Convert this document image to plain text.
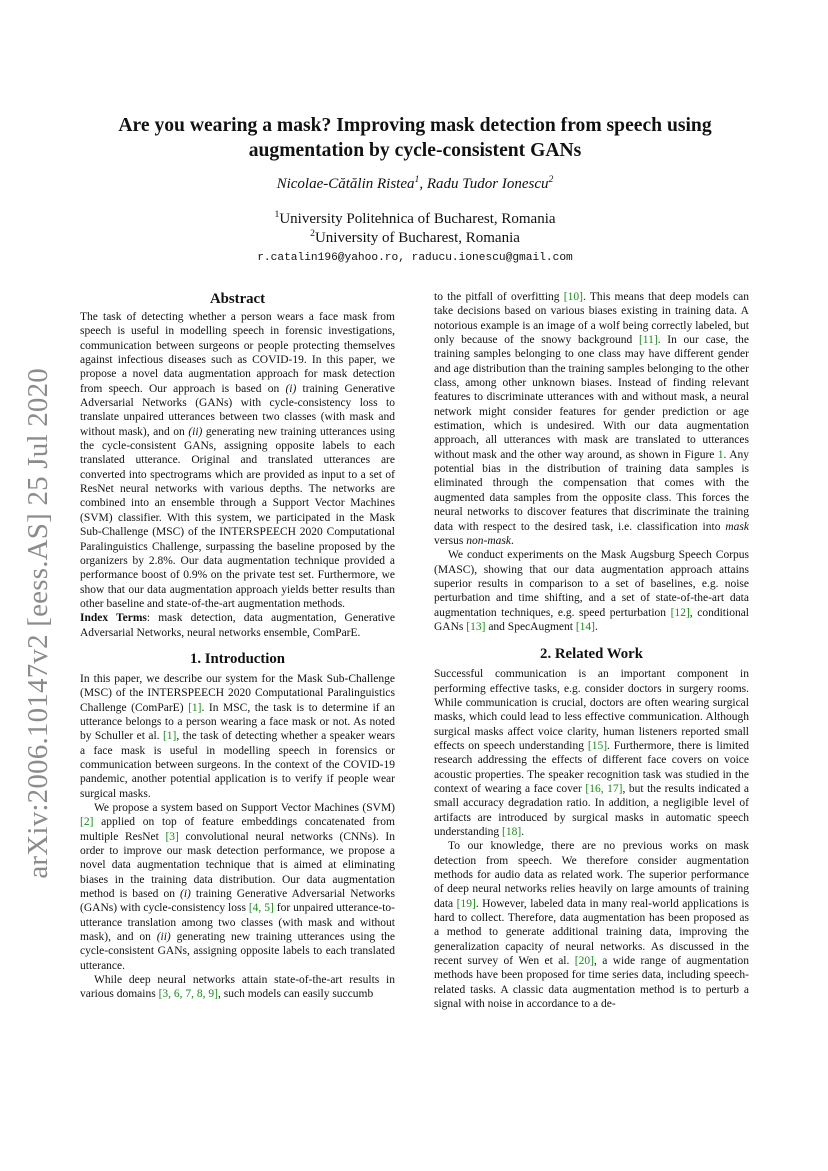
arXiv:2006.10147v2 [eess.AS] 25 Jul 2020
Are you wearing a mask? Improving mask detection from speech using
augmentation by cycle-consistent GANs
Nicolae-Cătălin Ristea$^1$, Radu Tudor Ionescu$^2$
$^1$University Politehnica of Bucharest, Romania
$^2$University of Bucharest, Romania
r.catalin196@yahoo.ro, raducu.ionescu@gmail.com
Abstract

The task of detecting whether a person wears a face mask from speech is useful in modelling speech in forensic investigations, communication between surgeons or people protecting themselves against infectious diseases such as COVID-19. In this paper, we propose a novel data augmentation approach for mask detection from speech. Our approach is based on (i) training Generative Adversarial Networks (GANs) with cycle-consistency loss to translate unpaired utterances between two classes (with mask and without mask), and on (ii) generating new training utterances using the cycle-consistent GANs, assigning opposite labels to each translated utterance. Original and translated utterances are converted into spectrograms which are provided as input to a set of ResNet neural networks with various depths. The networks are combined into an ensemble through a Support Vector Machines (SVM) classifier. With this system, we participated in the Mask Sub-Challenge (MSC) of the INTERSPEECH 2020 Computational Paralinguistics Challenge, surpassing the baseline proposed by the organizers by 2.8%. Our data augmentation technique provided a performance boost of 0.9% on the private test set. Furthermore, we show that our data augmentation approach yields better results than other baseline and state-of-the-art augmentation methods.

Index Terms: mask detection, data augmentation, Generative Adversarial Networks, neural networks ensemble, ComParE.

1. Introduction

In this paper, we describe our system for the Mask Sub-Challenge (MSC) of the INTERSPEECH 2020 Computational Paralinguistics Challenge (ComParE) [1]. In MSC, the task is to determine if an utterance belongs to a person wearing a face mask or not. As noted by Schuller et al. [1], the task of detecting whether a speaker wears a face mask is useful in modelling speech in forensics or communication between surgeons. In the context of the COVID-19 pandemic, another potential application is to verify if people wear surgical masks.

We propose a system based on Support Vector Machines (SVM) [2] applied on top of feature embeddings concatenated from multiple ResNet [3] convolutional neural networks (CNNs). In order to improve our mask detection performance, we propose a novel data augmentation technique that is aimed at eliminating biases in the training data distribution. Our data augmentation method is based on (i) training Generative Adversarial Networks (GANs) with cycle-consistency loss [4, 5] for unpaired utterance-to-utterance translation among two classes (with mask and without mask), and on (ii) generating new training utterances using the cycle-consistent GANs, assigning opposite labels to each translated utterance.

While deep neural networks attain state-of-the-art results in various domains [3, 6, 7, 8, 9], such models can easily succumb

to the pitfall of overfitting [10]. This means that deep models can take decisions based on various biases existing in training data. A notorious example is an image of a wolf being correctly labeled, but only because of the snowy background [11]. In our case, the training samples belonging to one class may have different gender and age distribution than the training samples belonging to the other class, among other unknown biases. Instead of finding relevant features to discriminate utterances with and without mask, a neural network might consider features for gender prediction or age estimation, which is undesired. With our data augmentation approach, all utterances with mask are translated to utterances without mask and the other way around, as shown in Figure 1. Any potential bias in the distribution of training data samples is eliminated through the compensation that comes with the augmented data samples from the opposite class. This forces the neural networks to discover features that discriminate the training data with respect to the desired task, i.e. classification into mask versus non-mask.

We conduct experiments on the Mask Augsburg Speech Corpus (MASC), showing that our data augmentation approach attains superior results in comparison to a set of baselines, e.g. noise perturbation and time shifting, and a set of state-of-the-art data augmentation techniques, e.g. speed perturbation [12], conditional GANs [13] and SpecAugment [14].

2. Related Work

Successful communication is an important component in performing effective tasks, e.g. consider doctors in surgery rooms. While communication is crucial, doctors are often wearing surgical masks, which could lead to less effective communication. Although surgical masks affect voice clarity, human listeners reported small effects on speech understanding [15]. Furthermore, there is limited research addressing the effects of different face covers on voice acoustic properties. The speaker recognition task was studied in the context of wearing a face cover [16, 17], but the results indicated a small accuracy degradation ratio. In addition, a negligible level of artifacts are introduced by surgical masks in automatic speech understanding [18].

To our knowledge, there are no previous works on mask detection from speech. We therefore consider augmentation methods for audio data as related work. The superior performance of deep neural networks relies heavily on large amounts of training data [19]. However, labeled data in many real-world applications is hard to collect. Therefore, data augmentation has been proposed as a method to generate additional training data, improving the generalization capacity of neural networks. As discussed in the recent survey of Wen et al. [20], a wide range of augmentation methods have been proposed for time series data, including speech-related tasks. A classic data augmentation method is to perturb a signal with noise in accordance to a de-
